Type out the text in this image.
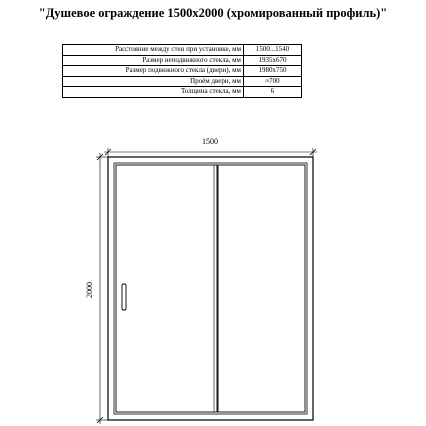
"Душевое ограждение 1500x2000 (хромированный профиль)"
Расстояние между стен при установке, мм	1500...1540
Размер неподвижного стекла, мм	1935x670
Размер подвижного стекла (двери), мм	1980x750
Проём двери, мм	≈700
Толщина стекла, мм	6
1500
2000
